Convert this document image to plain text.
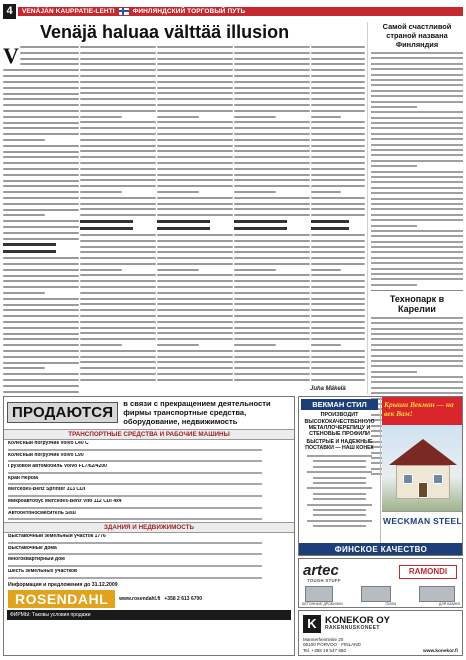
4	VENÄJÄN KAUPPATIE-LEHTI	ФИНЛЯНДСКИЙ ТОРГОВЫЙ ПУТЬ
Venäjä haluaa välttää illusion
V
Juha Mäkelä
Самой счастливой страной названа Финляндия
Технопарк в Карелии
ПРОДАЮТСЯ
в связи с прекращением деятельности фирмы транспортные средства, оборудование, недвижимость
ТРАНСПОРТНЫЕ СРЕДСТВА И РАБОЧИЕ МАШИНЫ
Колесный погрузчик Volvo L40 C
Колесный погрузчик Volvo L90
Грузовой автомобиль Volvo FL7/62/4200
Кран Hepola
Mercedes-Benz Sprinter 313 CDI
Микроавтобус Mercedes-Benz Vito 112 CDI 4x4
Автобетоносмеситель Sisu
ЗДАНИЯ И НЕДВИЖИМОСТЬ
Выставочный земельный участок 1776
Выставочные дома
Многоквартирный дом
Шесть земельных участков
Информация и предложения до 31.12.2009
ROSENDAHL	www.rosendahl.fi +358 2 613 6700
ФИРМЫ: Таковы условия продажи
ВЕКМАН СТИЛ
ПРОИЗВОДИТ
ВЫСОКОКАЧЕСТВЕННУЮ МЕТАЛЛОЧЕРЕПИЦУ И СТЕНОВЫЕ ПРОФИЛИ
БЫСТРЫЕ И НАДЕЖНЫЕ ПОСТАВКИ — НАШ КОНЕК
Крыши Векман — на век Вам!
WECKMAN STEEL
ФИНСКОЕ КАЧЕСТВО
artec
TOUGH STUFF
RAMONDI
БЕТОННЫЕ ДРОБИЛКИ	ПИЛЫ	ДЛЯ КАМНЯ
K KONEKOR OY
RAKENNUSKONEET
Mannerheimintie 20
06100 PORVOO · FINLAND
Tel. +358 19 547 660	www.konekor.fi
